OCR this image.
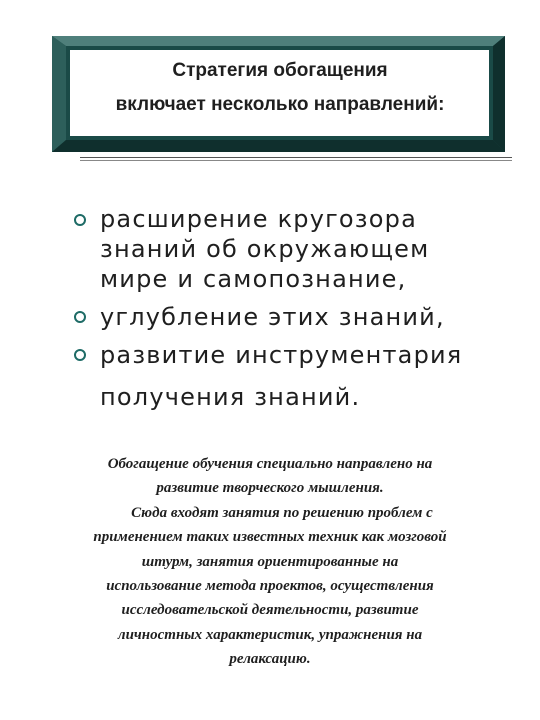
Стратегия обогащения
включает несколько направлений:
расширение кругозора
знаний об окружающем
мире и самопознание,
углубление этих знаний,
развитие инструментария
получения знаний.
Обогащение обучения специально направлено на
развитие творческого мышления.
Сюда входят занятия по решению проблем с
применением таких известных техник как мозговой
штурм, занятия ориентированные на
использование метода проектов, осуществления
исследовательской деятельности, развитие
личностных характеристик, упражнения на
релаксацию.
